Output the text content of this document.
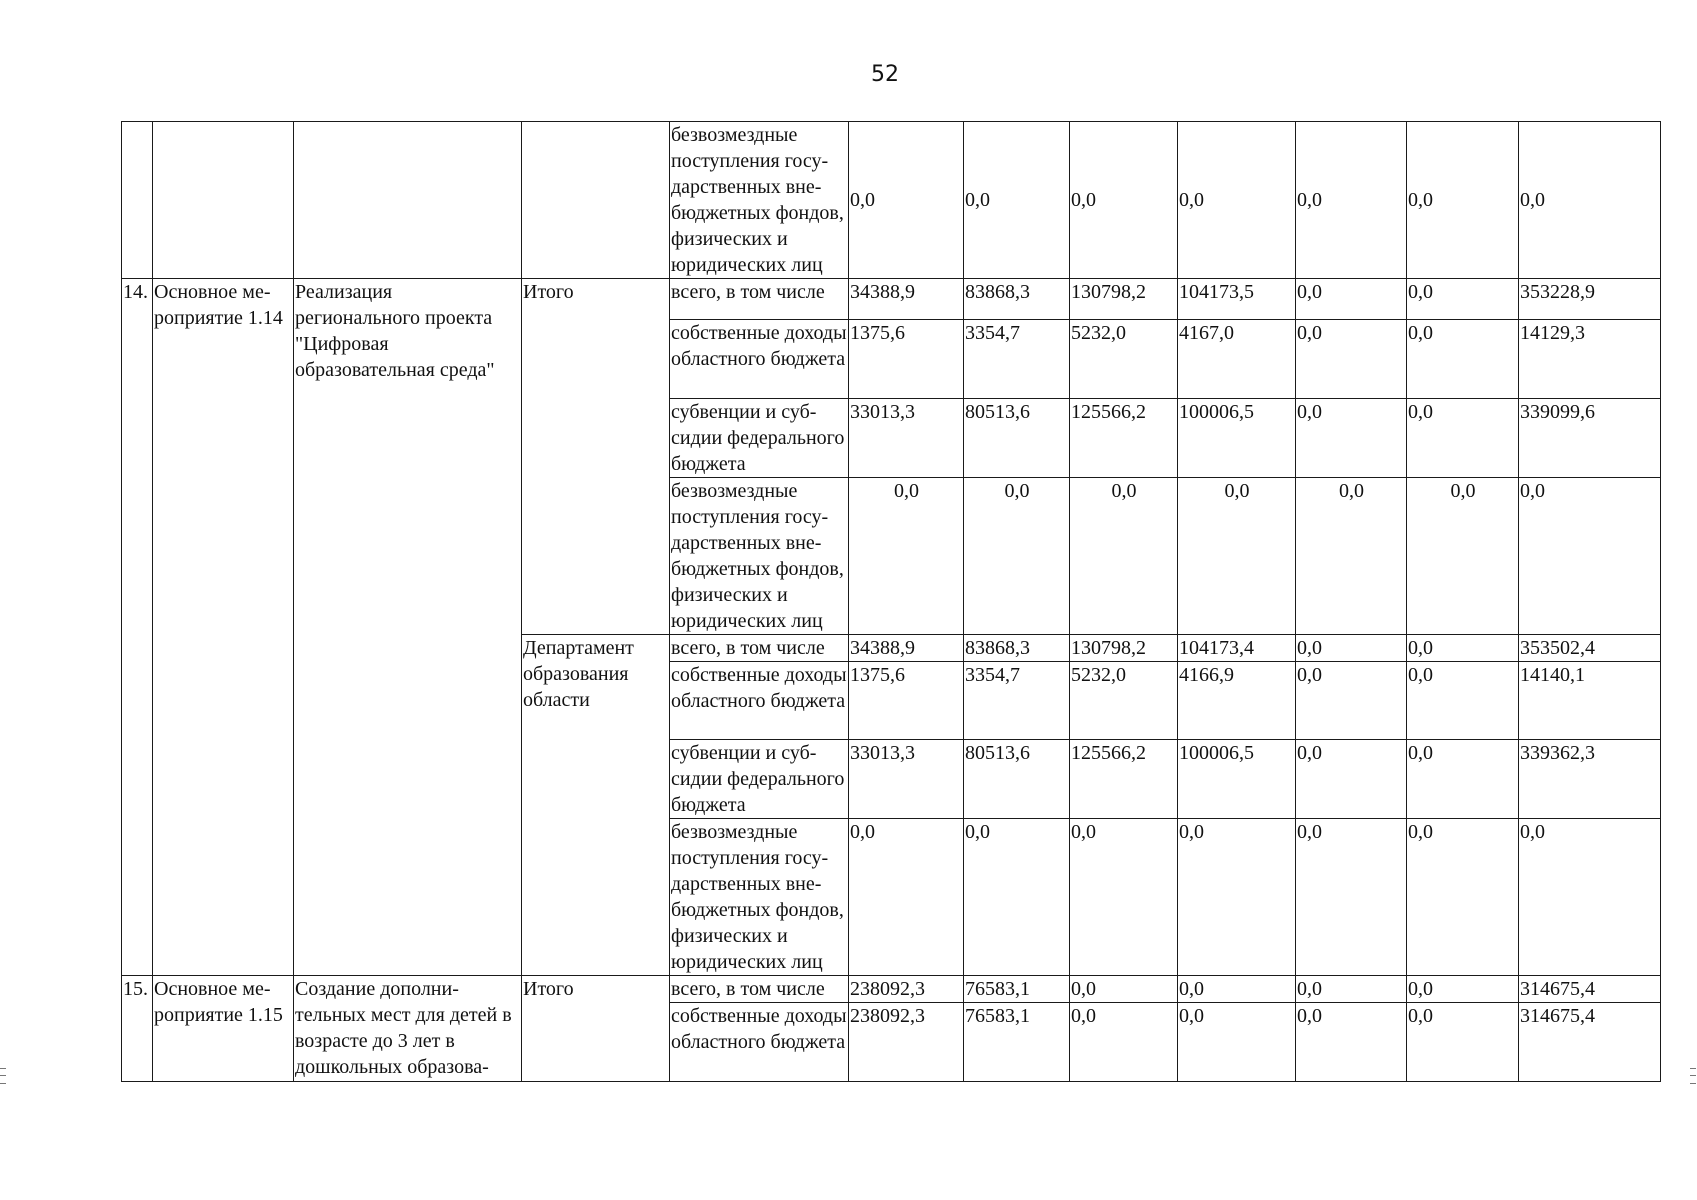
52
				безвозмездные поступления государственных внебюджетных фондов, физических и юридических лиц	0,0	0,0	0,0	0,0	0,0	0,0	0,0
14.	Основное мероприятие 1.14	Реализация регионального проекта "Цифровая образовательная среда"	Итого	всего, в том числе	34388,9	83868,3	130798,2	104173,5	0,0	0,0	353228,9
				собственные доходы областного бюджета	1375,6	3354,7	5232,0	4167,0	0,0	0,0	14129,3
				субвенции и субсидии федерального бюджета	33013,3	80513,6	125566,2	100006,5	0,0	0,0	339099,6
				безвозмездные поступления государственных внебюджетных фондов, физических и юридических лиц	0,0	0,0	0,0	0,0	0,0	0,0	0,0
			Департамент образования области	всего, в том числе	34388,9	83868,3	130798,2	104173,4	0,0	0,0	353502,4
				собственные доходы областного бюджета	1375,6	3354,7	5232,0	4166,9	0,0	0,0	14140,1
				субвенции и субсидии федерального бюджета	33013,3	80513,6	125566,2	100006,5	0,0	0,0	339362,3
				безвозмездные поступления государственных внебюджетных фондов, физических и юридических лиц	0,0	0,0	0,0	0,0	0,0	0,0	0,0
15.	Основное мероприятие 1.15	Создание дополнительных мест для детей в возрасте до 3 лет в дошкольных образова-	Итого	всего, в том числе	238092,3	76583,1	0,0	0,0	0,0	0,0	314675,4
				собственные доходы областного бюджета	238092,3	76583,1	0,0	0,0	0,0	0,0	314675,4
